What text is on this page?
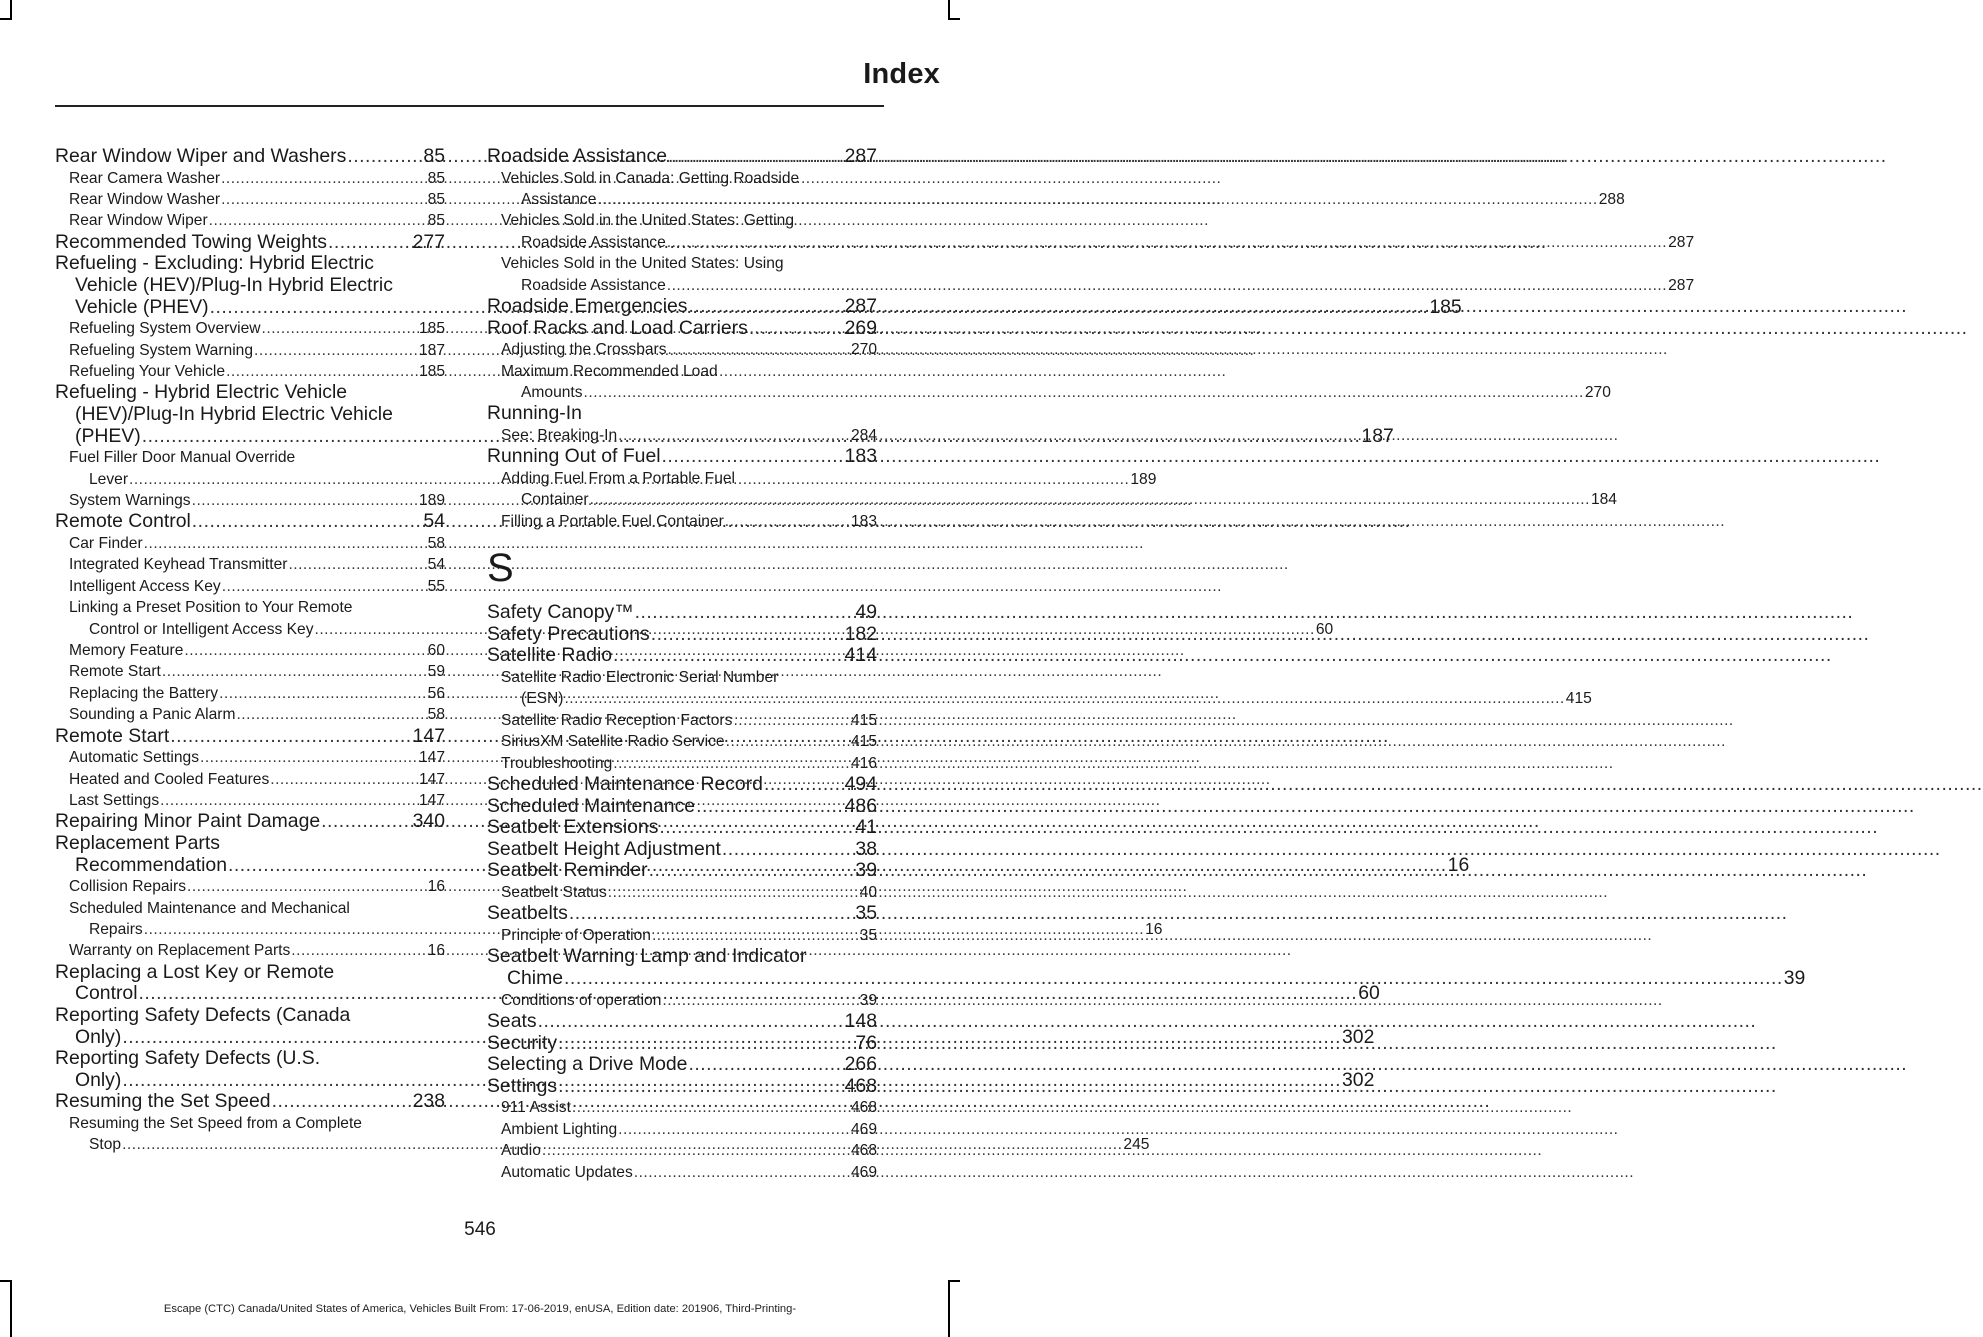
Index
Rear Window Wiper and Washers .....	85
Rear Camera Washer .....	85
Rear Window Washer .....	85
Rear Window Wiper .....	85
Recommended Towing Weights .....	277
Refueling - Excluding: Hybrid Electric
Vehicle (HEV)/Plug-In Hybrid Electric
Vehicle (PHEV) .....	185
Refueling System Overview .....	185
Refueling System Warning .....	187
Refueling Your Vehicle .....	185
Refueling - Hybrid Electric Vehicle
(HEV)/Plug-In Hybrid Electric Vehicle
(PHEV) .....	187
Fuel Filler Door Manual Override
Lever .....	189
System Warnings .....	189
Remote Control .....	54
Car Finder .....	58
Integrated Keyhead Transmitter .....	54
Intelligent Access Key .....	55
Linking a Preset Position to Your Remote
Control or Intelligent Access Key .....	60
Memory Feature .....	60
Remote Start .....	59
Replacing the Battery .....	56
Sounding a Panic Alarm .....	58
Remote Start .....	147
Automatic Settings .....	147
Heated and Cooled Features .....	147
Last Settings .....	147
Repairing Minor Paint Damage .....	340
Replacement Parts
Recommendation .....	16
Collision Repairs .....	16
Scheduled Maintenance and Mechanical
Repairs .....	16
Warranty on Replacement Parts .....	16
Replacing a Lost Key or Remote
Control .....	60
Reporting Safety Defects (Canada
Only) .....	302
Reporting Safety Defects (U.S.
Only) .....	302
Resuming the Set Speed .....	238
Resuming the Set Speed from a Complete
Stop .....	245
Roadside Assistance .....	287
Vehicles Sold in Canada: Getting Roadside
Assistance .....	288
Vehicles Sold in the United States: Getting
Roadside Assistance .....	287
Vehicles Sold in the United States: Using
Roadside Assistance .....	287
Roadside Emergencies .....	287
Roof Racks and Load Carriers .....	269
Adjusting the Crossbars .....	270
Maximum Recommended Load
Amounts .....	270
Running-In
See: Breaking-In .....	284
Running Out of Fuel .....	183
Adding Fuel From a Portable Fuel
Container .....	184
Filling a Portable Fuel Container .....	183
S
Safety Canopy™ .....	49
Safety Precautions .....	182
Satellite Radio .....	414
Satellite Radio Electronic Serial Number
(ESN) .....	415
Satellite Radio Reception Factors .....	415
SiriusXM Satellite Radio Service .....	415
Troubleshooting .....	416
Scheduled Maintenance Record .....	494
Scheduled Maintenance .....	486
Seatbelt Extensions .....	41
Seatbelt Height Adjustment .....	38
Seatbelt Reminder .....	39
Seatbelt Status .....	40
Seatbelts .....	35
Principle of Operation .....	35
Seatbelt Warning Lamp and Indicator
Chime .....	39
Conditions of operation .....	39
Seats .....	148
Security .....	76
Selecting a Drive Mode .....	266
Settings .....	468
911 Assist .....	468
Ambient Lighting .....	469
Audio .....	468
Automatic Updates .....	469
546
Escape (CTC) Canada/United States of America, Vehicles Built From: 17-06-2019, enUSA, Edition date: 201906, Third-Printing-
